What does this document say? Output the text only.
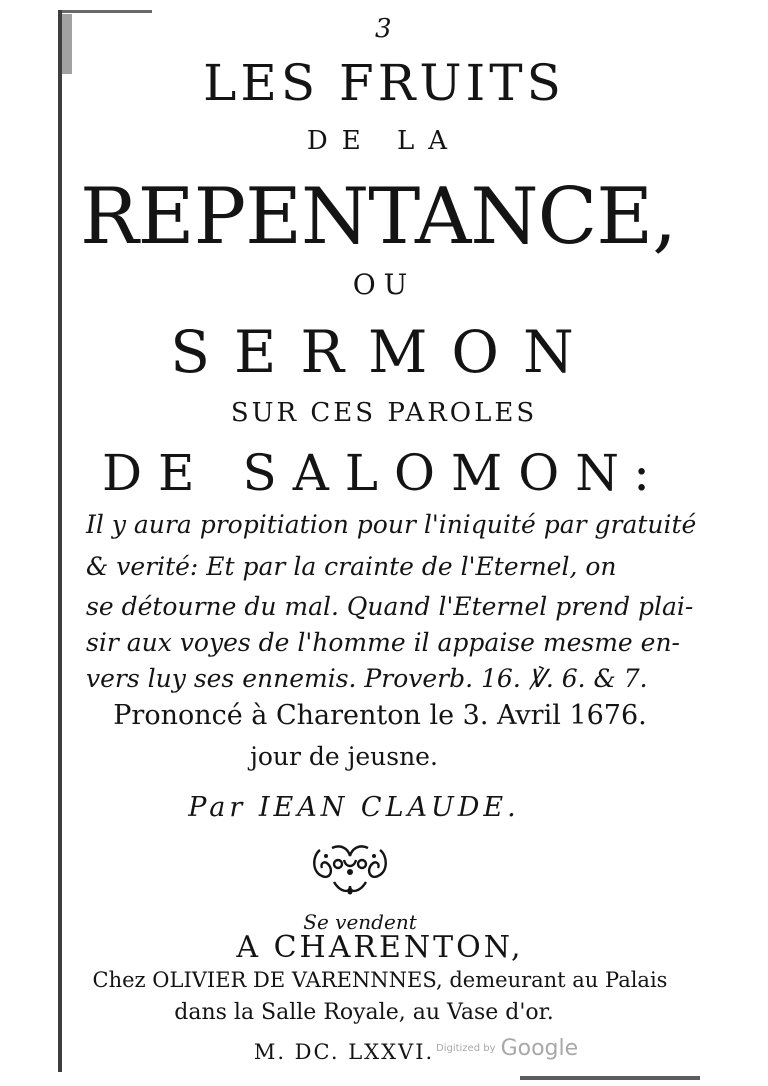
3
LES FRUITS
DE LA
REPENTANCE,
OU
SERMON
SUR CES PAROLES
DE SALOMON:
Il y aura propitiation pour l'iniquité par gratuité
& verité: Et par la crainte de l'Eternel, on
se détourne du mal. Quand l'Eternel prend plai-
sir aux voyes de l'homme il appaise mesme en-
vers luy ses ennemis. Proverb. 16. ℣. 6. & 7.
Prononcé à Charenton le 3. Avril 1676.
jour de jeusne.
Par IEAN CLAUDE.
Se vendent
A CHARENTON,
Chez OLIVIER DE VARENNNES, demeurant au Palais
dans la Salle Royale, au Vase d'or.
M. DC. LXXVI. Digitized by Google
